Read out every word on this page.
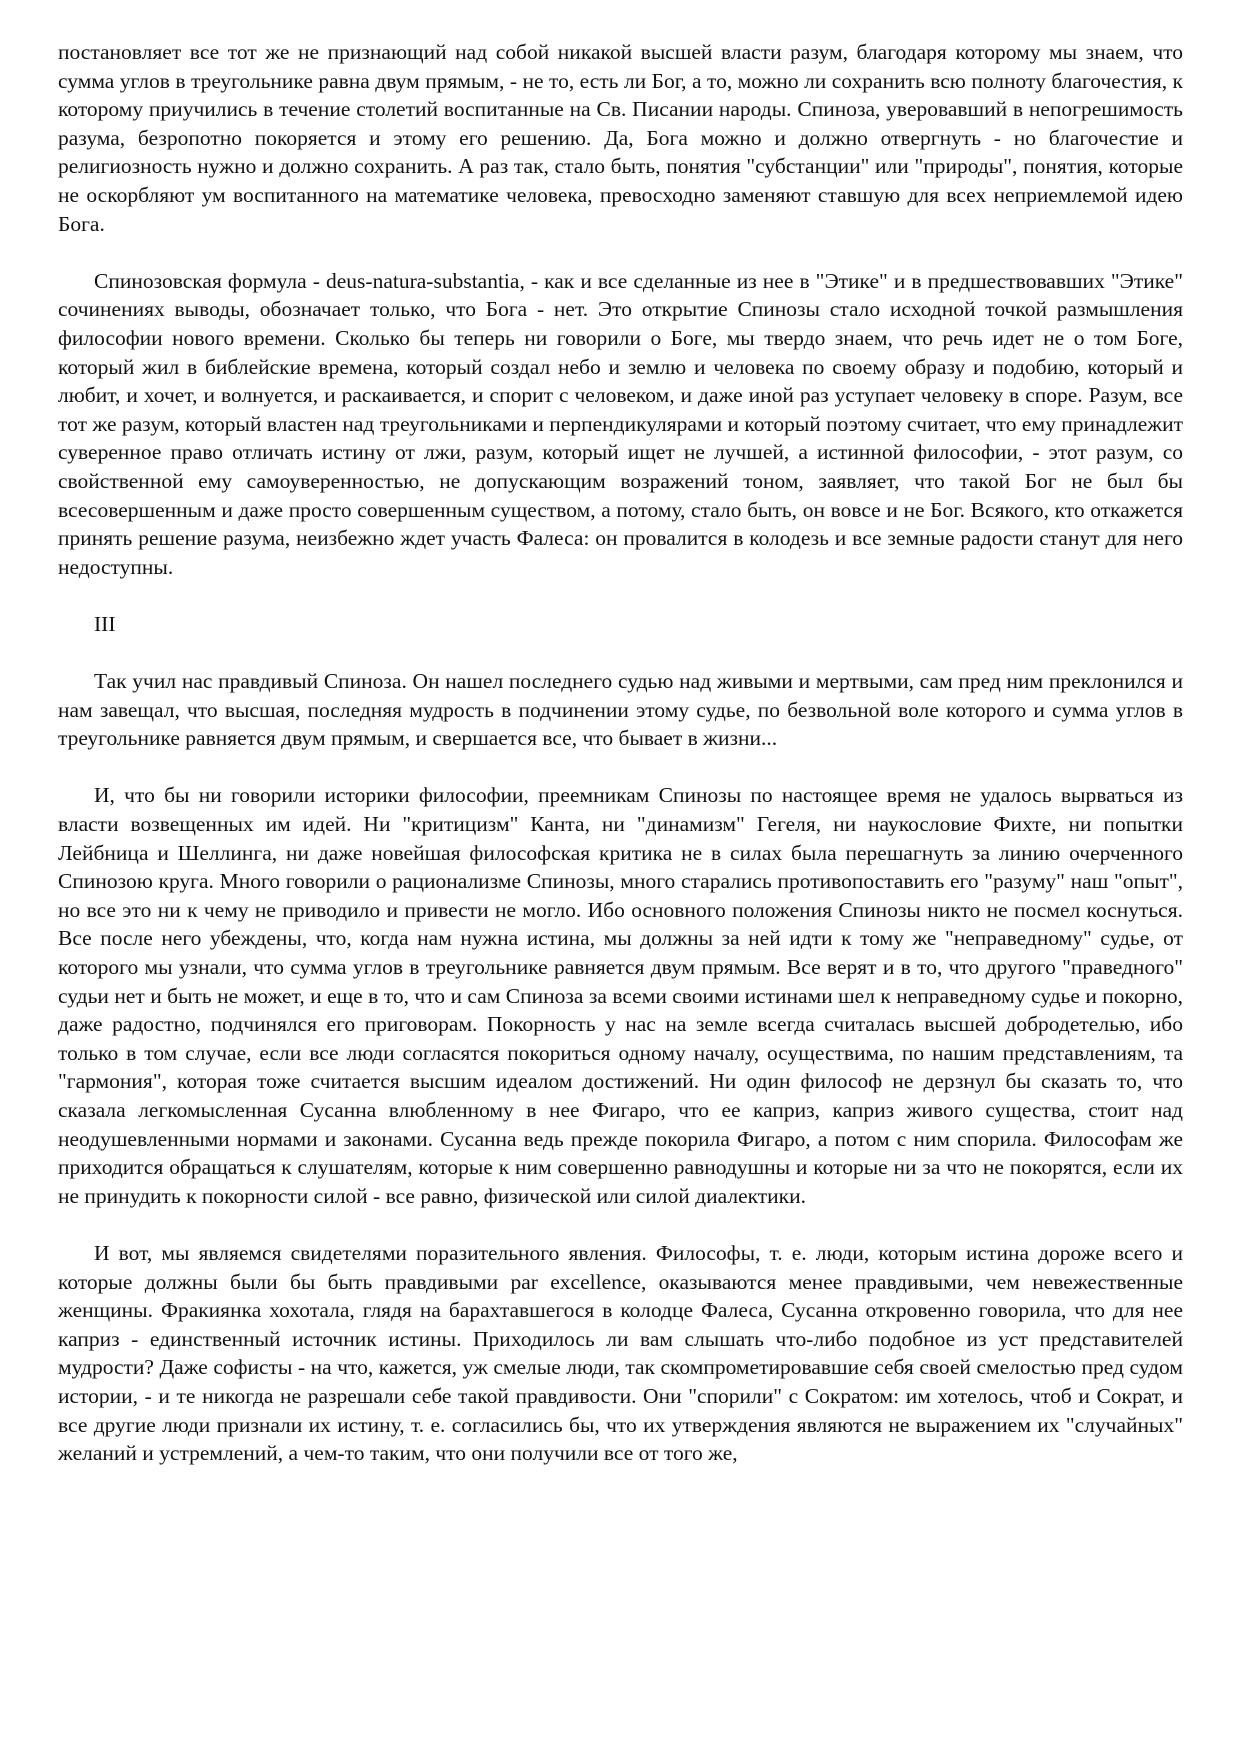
постановляет все тот же не признающий над собой никакой высшей власти разум, благодаря которому мы знаем, что сумма углов в треугольнике равна двум прямым, - не то, есть ли Бог, а то, можно ли сохранить всю полноту благочестия, к которому приучились в течение столетий воспитанные на Св. Писании народы. Спиноза, уверовавший в непогрешимость разума, безропотно покоряется и этому его решению. Да, Бога можно и должно отвергнуть - но благочестие и религиозность нужно и должно сохранить. А раз так, стало быть, понятия "субстанции" или "природы", понятия, которые не оскорбляют ум воспитанного на математике человека, превосходно заменяют ставшую для всех неприемлемой идею Бога.

Спинозовская формула - deus-natura-substantia, - как и все сделанные из нее в "Этике" и в предшествовавших "Этике" сочинениях выводы, обозначает только, что Бога - нет. Это открытие Спинозы стало исходной точкой размышления философии нового времени. Сколько бы теперь ни говорили о Боге, мы твердо знаем, что речь идет не о том Боге, который жил в библейские времена, который создал небо и землю и человека по своему образу и подобию, который и любит, и хочет, и волнуется, и раскаивается, и спорит с человеком, и даже иной раз уступает человеку в споре. Разум, все тот же разум, который властен над треугольниками и перпендикулярами и который поэтому считает, что ему принадлежит суверенное право отличать истину от лжи, разум, который ищет не лучшей, а истинной философии, - этот разум, со свойственной ему самоуверенностью, не допускающим возражений тоном, заявляет, что такой Бог не был бы всесовершенным и даже просто совершенным существом, а потому, стало быть, он вовсе и не Бог. Всякого, кто откажется принять решение разума, неизбежно ждет участь Фалеса: он провалится в колодезь и все земные радости станут для него недоступны.

III

Так учил нас правдивый Спиноза. Он нашел последнего судью над живыми и мертвыми, сам пред ним преклонился и нам завещал, что высшая, последняя мудрость в подчинении этому судье, по безвольной воле которого и сумма углов в треугольнике равняется двум прямым, и свершается все, что бывает в жизни...

И, что бы ни говорили историки философии, преемникам Спинозы по настоящее время не удалось вырваться из власти возвещенных им идей. Ни "критицизм" Канта, ни "динамизм" Гегеля, ни наукословие Фихте, ни попытки Лейбница и Шеллинга, ни даже новейшая философская критика не в силах была перешагнуть за линию очерченного Спинозою круга. Много говорили о рационализме Спинозы, много старались противопоставить его "разуму" наш "опыт", но все это ни к чему не приводило и привести не могло. Ибо основного положения Спинозы никто не посмел коснуться. Все после него убеждены, что, когда нам нужна истина, мы должны за ней идти к тому же "неправедному" судье, от которого мы узнали, что сумма углов в треугольнике равняется двум прямым. Все верят и в то, что другого "праведного" судьи нет и быть не может, и еще в то, что и сам Спиноза за всеми своими истинами шел к неправедному судье и покорно, даже радостно, подчинялся его приговорам. Покорность у нас на земле всегда считалась высшей добродетелью, ибо только в том случае, если все люди согласятся покориться одному началу, осуществима, по нашим представлениям, та "гармония", которая тоже считается высшим идеалом достижений. Ни один философ не дерзнул бы сказать то, что сказала легкомысленная Сусанна влюбленному в нее Фигаро, что ее каприз, каприз живого существа, стоит над неодушевленными нормами и законами. Сусанна ведь прежде покорила Фигаро, а потом с ним спорила. Философам же приходится обращаться к слушателям, которые к ним совершенно равнодушны и которые ни за что не покорятся, если их не принудить к покорности силой - все равно, физической или силой диалектики.

И вот, мы являемся свидетелями поразительного явления. Философы, т. е. люди, которым истина дороже всего и которые должны были бы быть правдивыми par excellence, оказываются менее правдивыми, чем невежественные женщины. Фракиянка хохотала, глядя на барахтавшегося в колодце Фалеса, Сусанна откровенно говорила, что для нее каприз - единственный источник истины. Приходилось ли вам слышать что-либо подобное из уст представителей мудрости? Даже софисты - на что, кажется, уж смелые люди, так скомпрометировавшие себя своей смелостью пред судом истории, - и те никогда не разрешали себе такой правдивости. Они "спорили" с Сократом: им хотелось, чтоб и Сократ, и все другие люди признали их истину, т. е. согласились бы, что их утверждения являются не выражением их "случайных" желаний и устремлений, а чем-то таким, что они получили все от того же,
